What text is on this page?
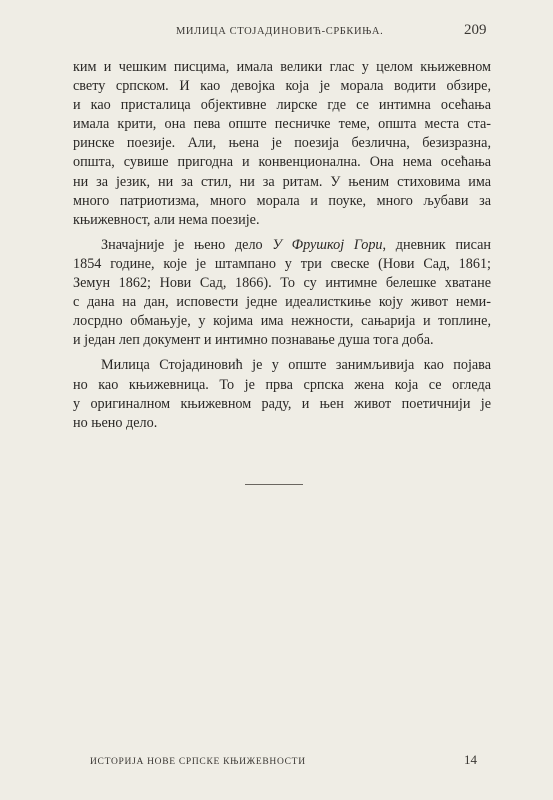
МИЛИЦА СТОЈАДИНОВИЋ-СРБКИЊА.	209

ким и чешким писцима, имала велики глас у целом књижевном
свету српском. И као девојка која је морала водити обзире,
и као присталица објективне лирске где се интимна осећања
имала крити, она пева опште песничке теме, општа места ста-
ринске поезије. Али, њена је поезија безлична, безизразна,
општа, сувише пригодна и конвенционална. Она нема осећања
ни за језик, ни за стил, ни за ритам. У њеним стиховима има
много патриотизма, много морала и поуке, много љубави за
књижевност, али нема поезије.

Значајније је њено дело У Фрушкој Гори, дневник писан
1854 године, које је штампано у три свеске (Нови Сад, 1861;
Земун 1862; Нови Сад, 1866). То су интимне белешке хватане
с дана на дан, исповести једне идеалисткиње коју живот неми-
лосрдно обмањује, у којима има нежности, сањарија и топлине,
и један леп документ и интимно познавање душа тога доба.

Милица Стојадиновић је у опште занимљивија као појава
но као књижевница. То је прва српска жена која се огледа
у оригиналном књижевном раду, и њен живот поетичнији је
но њено дело.

ИСТОРИЈА НОВЕ СРПСКЕ КЊИЖЕВНОСТИ	14
